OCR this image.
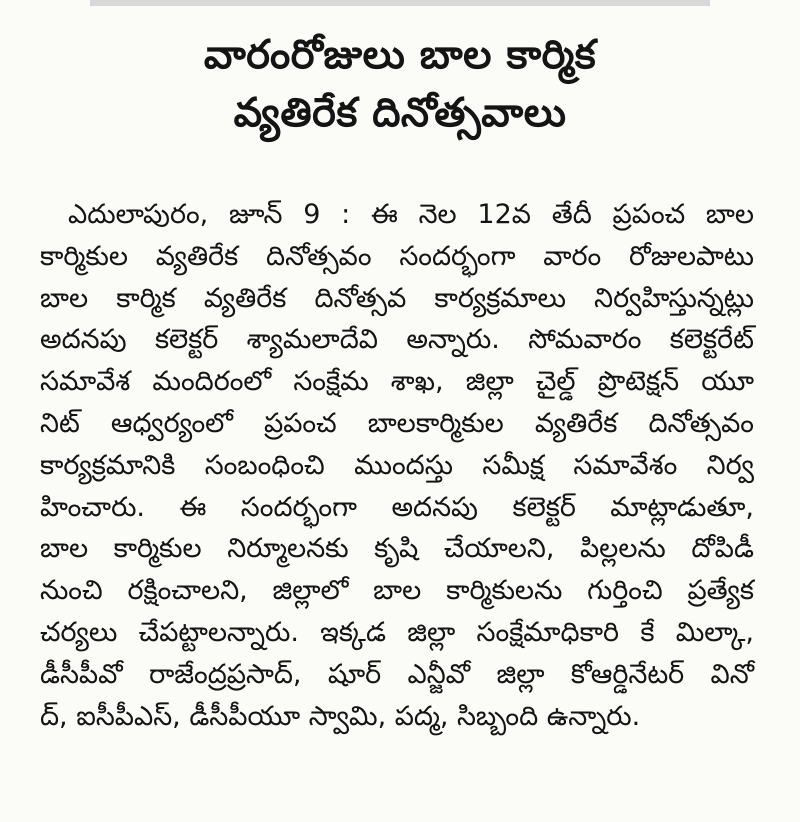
వారంరోజులు బాల కార్మిక
వ్యతిరేక దినోత్సవాలు
ఎదులాపురం, జూన్ 9 : ఈ నెల 12వ తేదీ ప్రపంచ బాల
కార్మికుల వ్యతిరేక దినోత్సవం సందర్భంగా వారం రోజులపాటు
బాల కార్మిక వ్యతిరేక దినోత్సవ కార్యక్రమాలు నిర్వహిస్తున్నట్లు
అదనపు కలెక్టర్ శ్యామలాదేవి అన్నారు. సోమవారం కలెక్టరేట్
సమావేశ మందిరంలో సంక్షేమ శాఖ, జిల్లా చైల్డ్ ప్రొటెక్షన్ యూ
నిట్ ఆధ్వర్యంలో ప్రపంచ బాలకార్మికుల వ్యతిరేక దినోత్సవం
కార్యక్రమానికి సంబంధించి ముందస్తు సమీక్ష సమావేశం నిర్వ
హించారు. ఈ సందర్భంగా అదనపు కలెక్టర్ మాట్లాడుతూ,
బాల కార్మికుల నిర్మూలనకు కృషి చేయాలని, పిల్లలను దోపిడీ
నుంచి రక్షించాలని, జిల్లాలో బాల కార్మికులను గుర్తించి ప్రత్యేక
చర్యలు చేపట్టాలన్నారు. ఇక్కడ జిల్లా సంక్షేమాధికారి కే మిల్కా,
డీసీపీవో రాజేంద్రప్రసాద్, షూర్ ఎన్జీవో జిల్లా కోఆర్డినేటర్ వినో
ద్, ఐసీపీఎస్, డీసీపీయూ స్వామి, పద్మ, సిబ్బంది ఉన్నారు.
